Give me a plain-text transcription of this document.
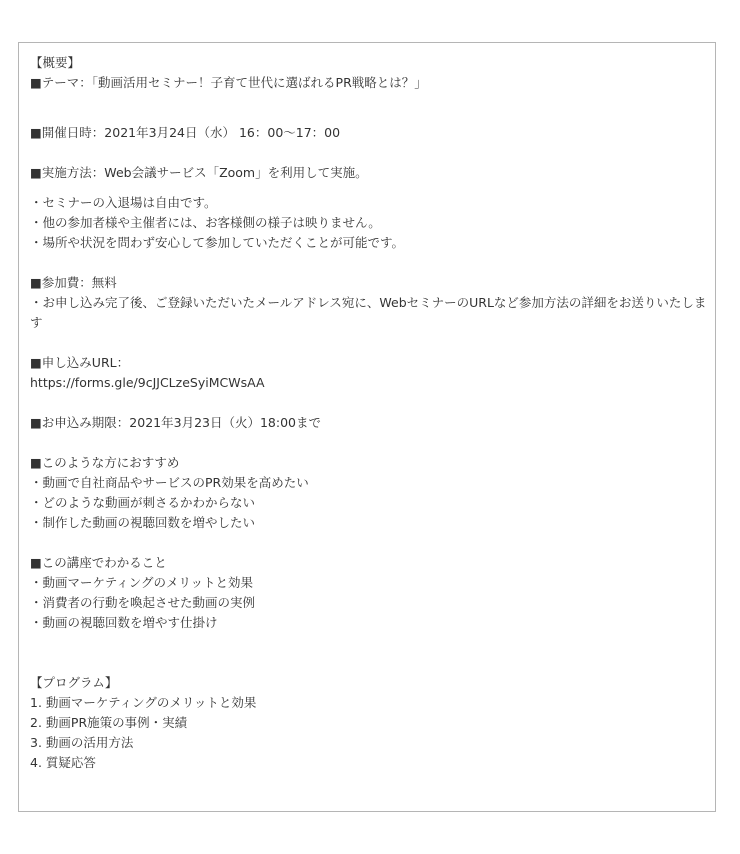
【概要】
■テーマ：「動画活用セミナー！子育て世代に選ばれるPR戦略とは？」
■開催日時：2021年3月24日（水） 16：00〜17：00
■実施方法：Web会議サービス「Zoom」を利用して実施。
・セミナーの入退場は自由です。
・他の参加者様や主催者には、お客様側の様子は映りません。
・場所や状況を問わず安心して参加していただくことが可能です。
■参加費：無料
・お申し込み完了後、ご登録いただいたメールアドレス宛に、WebセミナーのURLなど参加方法の詳細をお送りいたします
■申し込みURL：
https://forms.gle/9cJJCLzeSyiMCWsAA
■お申込み期限：2021年3月23日（火）18:00まで
■このような方におすすめ
・動画で自社商品やサービスのPR効果を高めたい
・どのような動画が刺さるかわからない
・制作した動画の視聴回数を増やしたい
■この講座でわかること
・動画マーケティングのメリットと効果
・消費者の行動を喚起させた動画の実例
・動画の視聴回数を増やす仕掛け
【プログラム】
1. 動画マーケティングのメリットと効果
2. 動画PR施策の事例・実績
3. 動画の活用方法
4. 質疑応答
